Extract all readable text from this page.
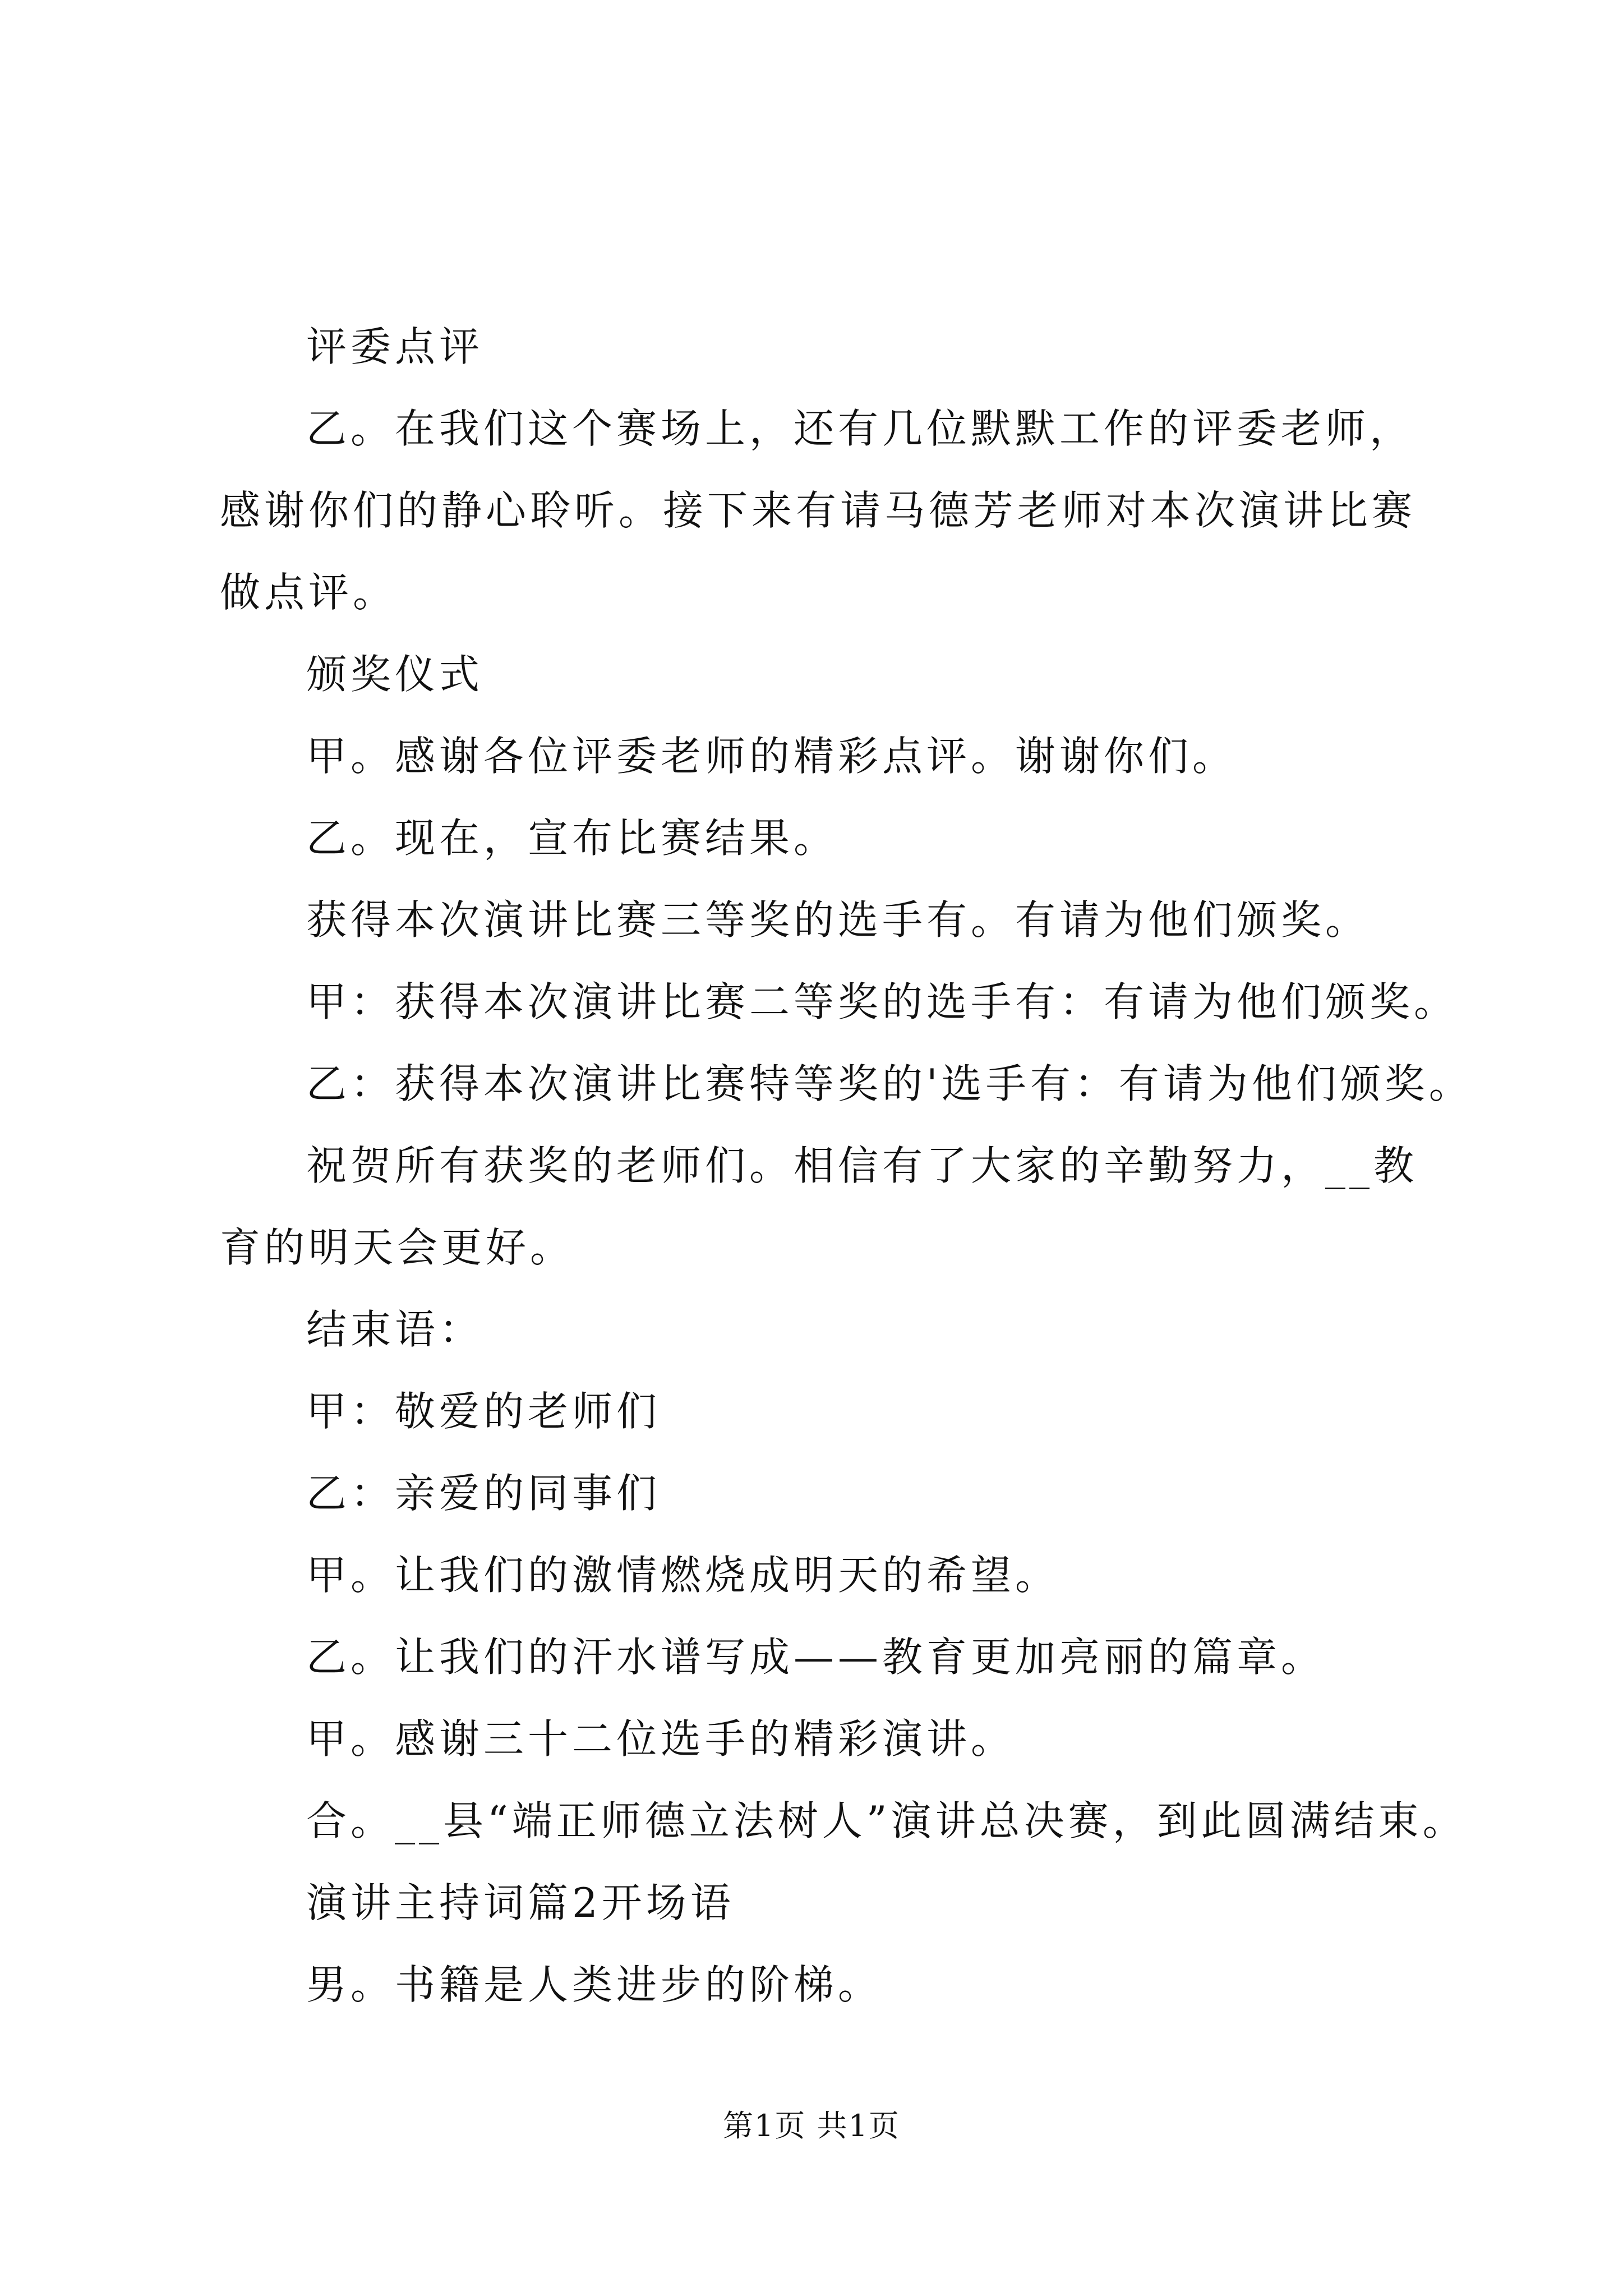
评委点评

乙。在我们这个赛场上，还有几位默默工作的评委老师，感谢你们的静心聆听。接下来有请马德芳老师对本次演讲比赛做点评。

颁奖仪式

甲。感谢各位评委老师的精彩点评。谢谢你们。

乙。现在，宣布比赛结果。

获得本次演讲比赛三等奖的选手有。有请为他们颁奖。

甲：获得本次演讲比赛二等奖的选手有：有请为他们颁奖。

乙：获得本次演讲比赛特等奖的'选手有：有请为他们颁奖。

祝贺所有获奖的老师们。相信有了大家的辛勤努力，__教育的明天会更好。

结束语：

甲：敬爱的老师们

乙：亲爱的同事们

甲。让我们的激情燃烧成明天的希望。

乙。让我们的汗水谱写成——教育更加亮丽的篇章。

甲。感谢三十二位选手的精彩演讲。

合。__县“端正师德立法树人”演讲总决赛，到此圆满结束。

演讲主持词篇2开场语

男。书籍是人类进步的阶梯。

第1页 共1页
